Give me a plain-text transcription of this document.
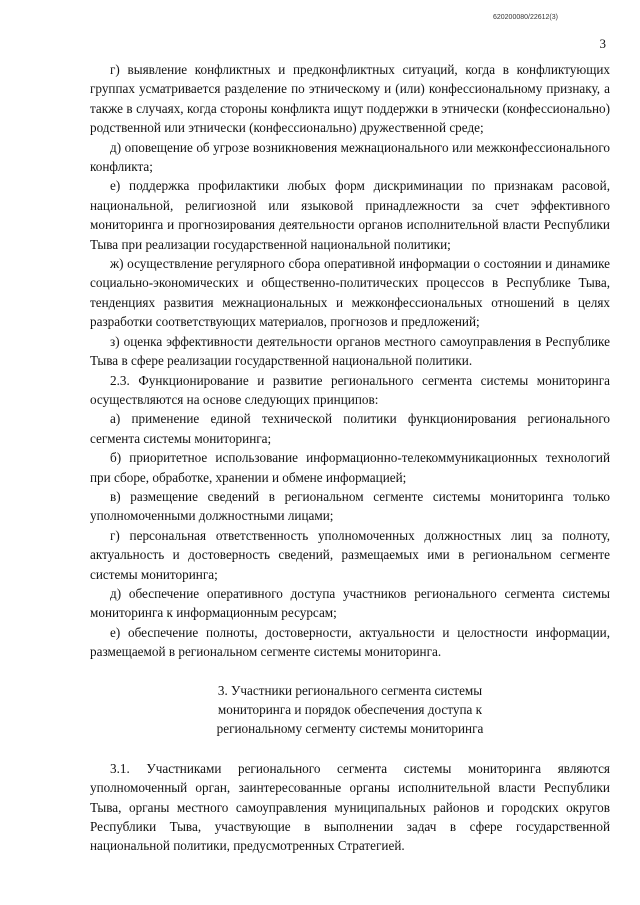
620200080/22612(3)
3

г) выявление конфликтных и предконфликтных ситуаций, когда в конфликтующих группах усматривается разделение по этническому и (или) конфессиональному признаку, а также в случаях, когда стороны конфликта ищут поддержки в этнически (конфессионально) родственной или этнически (конфессионально) дружественной среде;

д) оповещение об угрозе возникновения межнационального или межконфессионального конфликта;

е) поддержка профилактики любых форм дискриминации по признакам расовой, национальной, религиозной или языковой принадлежности за счет эффективного мониторинга и прогнозирования деятельности органов исполнительной власти Республики Тыва при реализации государственной национальной политики;

ж) осуществление регулярного сбора оперативной информации о состоянии и динамике социально-экономических и общественно-политических процессов в Республике Тыва, тенденциях развития межнациональных и межконфессиональных отношений в целях разработки соответствующих материалов, прогнозов и предложений;

з) оценка эффективности деятельности органов местного самоуправления в Республике Тыва в сфере реализации государственной национальной политики.

2.3. Функционирование и развитие регионального сегмента системы мониторинга осуществляются на основе следующих принципов:

а) применение единой технической политики функционирования регионального сегмента системы мониторинга;

б) приоритетное использование информационно-телекоммуникационных технологий при сборе, обработке, хранении и обмене информацией;

в) размещение сведений в региональном сегменте системы мониторинга только уполномоченными должностными лицами;

г) персональная ответственность уполномоченных должностных лиц за полноту, актуальность и достоверность сведений, размещаемых ими в региональном сегменте системы мониторинга;

д) обеспечение оперативного доступа участников регионального сегмента системы мониторинга к информационным ресурсам;

е) обеспечение полноты, достоверности, актуальности и целостности информации, размещаемой в региональном сегменте системы мониторинга.

3. Участники регионального сегмента системы
мониторинга и порядок обеспечения доступа к
региональному сегменту системы мониторинга

3.1. Участниками регионального сегмента системы мониторинга являются уполномоченный орган, заинтересованные органы исполнительной власти Республики Тыва, органы местного самоуправления муниципальных районов и городских округов Республики Тыва, участвующие в выполнении задач в сфере государственной национальной политики, предусмотренных Стратегией.
